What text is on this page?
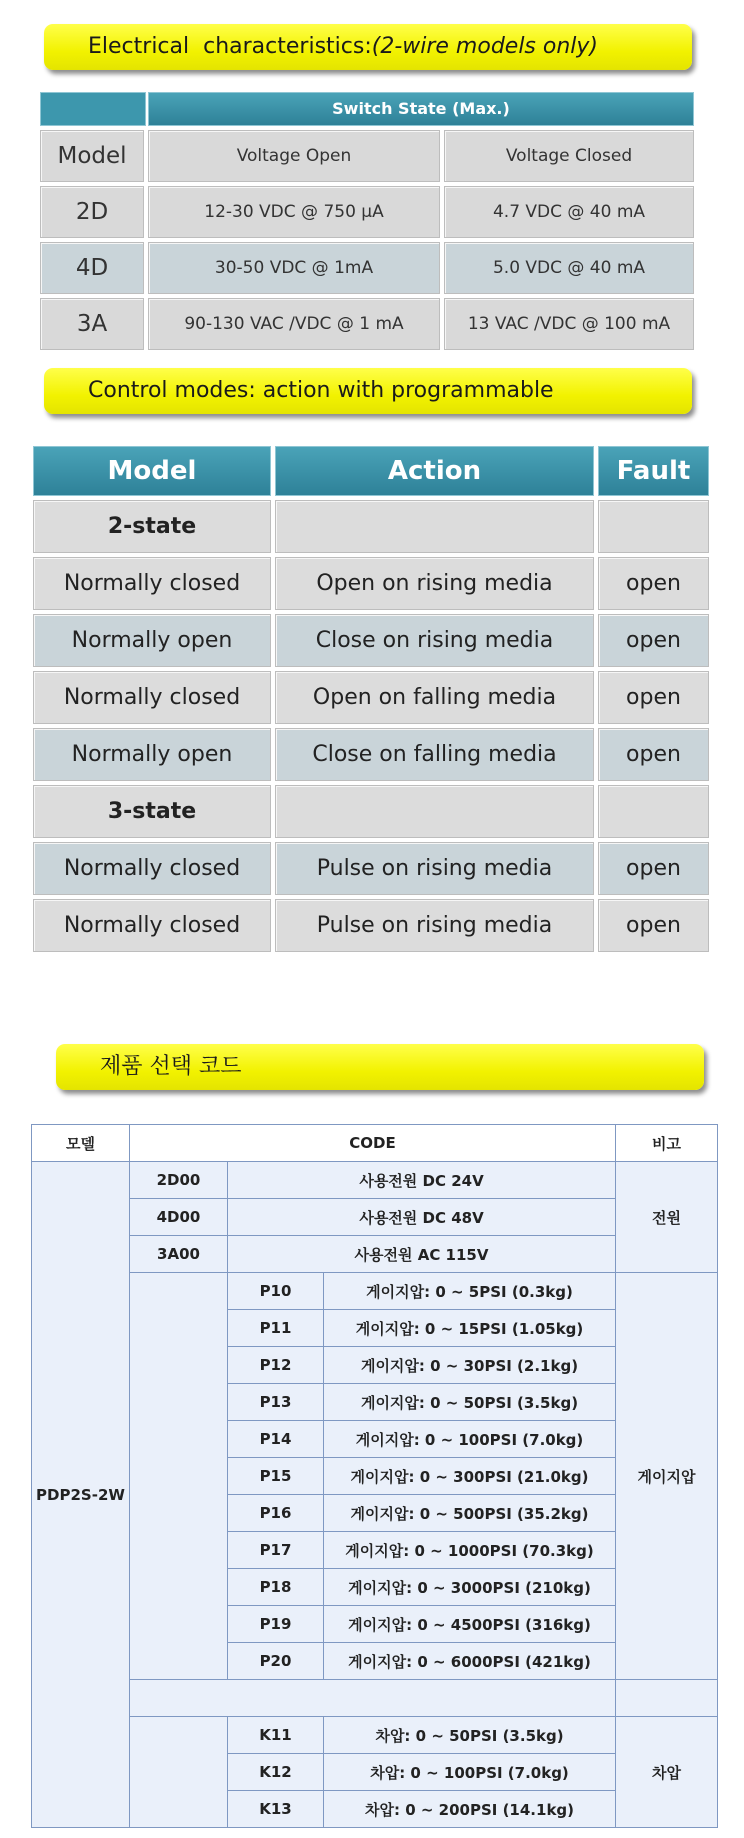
Electrical  characteristics:(2-wire models only)
Switch State (Max.)
Model	Voltage Open	Voltage Closed
2D	12-30 VDC @ 750 µA	4.7 VDC @ 40 mA
4D	30-50 VDC @ 1mA	5.0 VDC @ 40 mA
3A	90-130 VAC /VDC @ 1 mA	13 VAC /VDC @ 100 mA
Control modes: action with programmable
Model	Action	Fault
2-state
Normally closed	Open on rising media	open
Normally open	Close on rising media	open
Normally closed	Open on falling media	open
Normally open	Close on falling media	open
3-state
Normally closed	Pulse on rising media	open
Normally closed	Pulse on rising media	open
제품 선택 코드
모델	CODE			비고
PDP2S-2W	2D00	사용전원 DC 24V		전원
	4D00	사용전원 DC 48V		
	3A00	사용전원 AC 115V		
		P10	게이지압: 0 ~ 5PSI (0.3kg)	게이지압
		P11	게이지압: 0 ~ 15PSI (1.05kg)	
		P12	게이지압: 0 ~ 30PSI (2.1kg)	
		P13	게이지압: 0 ~ 50PSI (3.5kg)	
		P14	게이지압: 0 ~ 100PSI (7.0kg)	
		P15	게이지압: 0 ~ 300PSI (21.0kg)	
		P16	게이지압: 0 ~ 500PSI (35.2kg)	
		P17	게이지압: 0 ~ 1000PSI (70.3kg)	
		P18	게이지압: 0 ~ 3000PSI (210kg)	
		P19	게이지압: 0 ~ 4500PSI (316kg)	
		P20	게이지압: 0 ~ 6000PSI (421kg)	

		K11	차압: 0 ~ 50PSI (3.5kg)	차압
		K12	차압: 0 ~ 100PSI (7.0kg)	
		K13	차압: 0 ~ 200PSI (14.1kg)	
